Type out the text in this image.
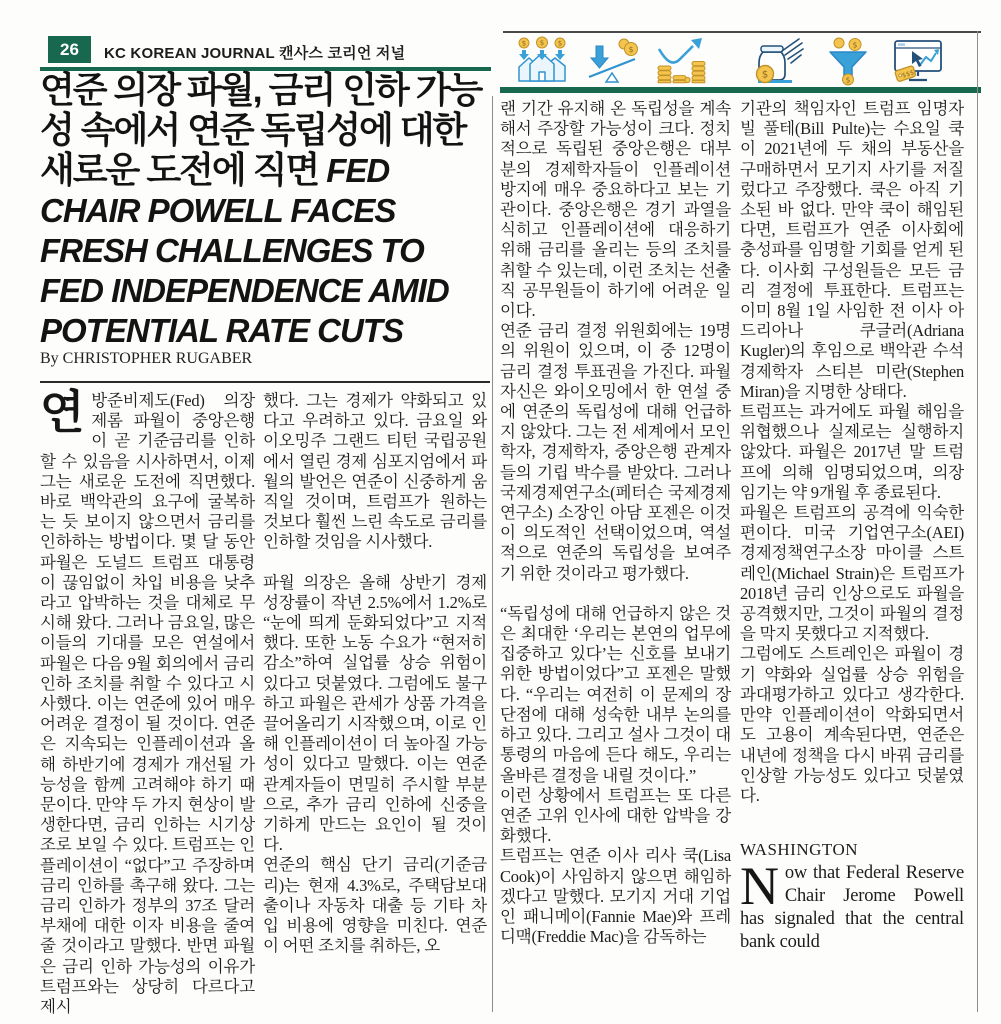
26	KC KOREAN JOURNAL 캔사스 코리언 저널
$ $ $
$
$
$
$
$$$
연준 의장 파월, 금리 인하 가능성 속에서 연준 독립성에 대한 새로운 도전에 직면 FED CHAIR POWELL FACES FRESH CHALLENGES TO FED INDEPENDENCE AMID POTENTIAL RATE CUTS
By CHRISTOPHER RUGABER

연방준비제도(Fed) 의장 제롬 파월이 중앙은행이 곧 기준금리를 인하할 수 있음을 시사하면서, 이제 그는 새로운 도전에 직면했다. 바로 백악관의 요구에 굴복하는 듯 보이지 않으면서 금리를 인하하는 방법이다. 몇 달 동안 파월은 도널드 트럼프 대통령이 끊임없이 차입 비용을 낮추라고 압박하는 것을 대체로 무시해 왔다. 그러나 금요일, 많은 이들의 기대를 모은 연설에서 파월은 다음 9월 회의에서 금리 인하 조치를 취할 수 있다고 시사했다. 이는 연준에 있어 매우 어려운 결정이 될 것이다. 연준은 지속되는 인플레이션과 올해 하반기에 경제가 개선될 가능성을 함께 고려해야 하기 때문이다. 만약 두 가지 현상이 발생한다면, 금리 인하는 시기상조로 보일 수 있다. 트럼프는 인플레이션이 “없다”고 주장하며 금리 인하를 촉구해 왔다. 그는 금리 인하가 정부의 37조 달러 부채에 대한 이자 비용을 줄여줄 것이라고 말했다. 반면 파월은 금리 인하 가능성의 이유가 트럼프와는 상당히 다르다고 제시

했다. 그는 경제가 약화되고 있다고 우려하고 있다. 금요일 와이오밍주 그랜드 티턴 국립공원에서 열린 경제 심포지엄에서 파월의 발언은 연준이 신중하게 움직일 것이며, 트럼프가 원하는 것보다 훨씬 느린 속도로 금리를 인하할 것임을 시사했다.

파월 의장은 올해 상반기 경제 성장률이 작년 2.5%에서 1.2%로 “눈에 띄게 둔화되었다”고 지적했다. 또한 노동 수요가 “현저히 감소”하여 실업률 상승 위험이 있다고 덧붙였다. 그럼에도 불구하고 파월은 관세가 상품 가격을 끌어올리기 시작했으며, 이로 인해 인플레이션이 더 높아질 가능성이 있다고 말했다. 이는 연준 관계자들이 면밀히 주시할 부분으로, 추가 금리 인하에 신중을 기하게 만드는 요인이 될 것이다.

연준의 핵심 단기 금리(기준금리)는 현재 4.3%로, 주택담보대출이나 자동차 대출 등 기타 차입 비용에 영향을 미친다. 연준이 어떤 조치를 취하든, 오

랜 기간 유지해 온 독립성을 계속해서 주장할 가능성이 크다. 정치적으로 독립된 중앙은행은 대부분의 경제학자들이 인플레이션 방지에 매우 중요하다고 보는 기관이다. 중앙은행은 경기 과열을 식히고 인플레이션에 대응하기 위해 금리를 올리는 등의 조치를 취할 수 있는데, 이런 조치는 선출직 공무원들이 하기에 어려운 일이다.

연준 금리 결정 위원회에는 19명의 위원이 있으며, 이 중 12명이 금리 결정 투표권을 가진다. 파월 자신은 와이오밍에서 한 연설 중에 연준의 독립성에 대해 언급하지 않았다. 그는 전 세계에서 모인 학자, 경제학자, 중앙은행 관계자들의 기립 박수를 받았다. 그러나 국제경제연구소(페터슨 국제경제연구소) 소장인 아담 포젠은 이것이 의도적인 선택이었으며, 역설적으로 연준의 독립성을 보여주기 위한 것이라고 평가했다.

“독립성에 대해 언급하지 않은 것은 최대한 ‘우리는 본연의 업무에 집중하고 있다’는 신호를 보내기 위한 방법이었다”고 포젠은 말했다. “우리는 여전히 이 문제의 장단점에 대해 성숙한 내부 논의를 하고 있다. 그리고 설사 그것이 대통령의 마음에 든다 해도, 우리는 올바른 결정을 내릴 것이다.”

이런 상황에서 트럼프는 또 다른 연준 고위 인사에 대한 압박을 강화했다.

트럼프는 연준 이사 리사 쿡(Lisa Cook)이 사임하지 않으면 해임하겠다고 말했다. 모기지 거대 기업인 패니메이(Fannie Mae)와 프레디맥(Freddie Mac)을 감독하는

기관의 책임자인 트럼프 임명자 빌 풀테(Bill Pulte)는 수요일 쿡이 2021년에 두 채의 부동산을 구매하면서 모기지 사기를 저질렀다고 주장했다. 쿡은 아직 기소된 바 없다. 만약 쿡이 해임된다면, 트럼프가 연준 이사회에 충성파를 임명할 기회를 얻게 된다. 이사회 구성원들은 모든 금리 결정에 투표한다. 트럼프는 이미 8월 1일 사임한 전 이사 아드리아나 쿠글러(Adriana Kugler)의 후임으로 백악관 수석 경제학자 스티븐 미란(Stephen Miran)을 지명한 상태다.

트럼프는 과거에도 파월 해임을 위협했으나 실제로는 실행하지 않았다. 파월은 2017년 말 트럼프에 의해 임명되었으며, 의장 임기는 약 9개월 후 종료된다.

파월은 트럼프의 공격에 익숙한 편이다. 미국 기업연구소(AEI) 경제정책연구소장 마이클 스트레인(Michael Strain)은 트럼프가 2018년 금리 인상으로도 파월을 공격했지만, 그것이 파월의 결정을 막지 못했다고 지적했다.

그럼에도 스트레인은 파월이 경기 약화와 실업률 상승 위험을 과대평가하고 있다고 생각한다. 만약 인플레이션이 악화되면서도 고용이 계속된다면, 연준은 내년에 정책을 다시 바꿔 금리를 인상할 가능성도 있다고 덧붙였다.

WASHINGTON

Now that Federal Reserve Chair Jerome Powell has signaled that the central bank could
